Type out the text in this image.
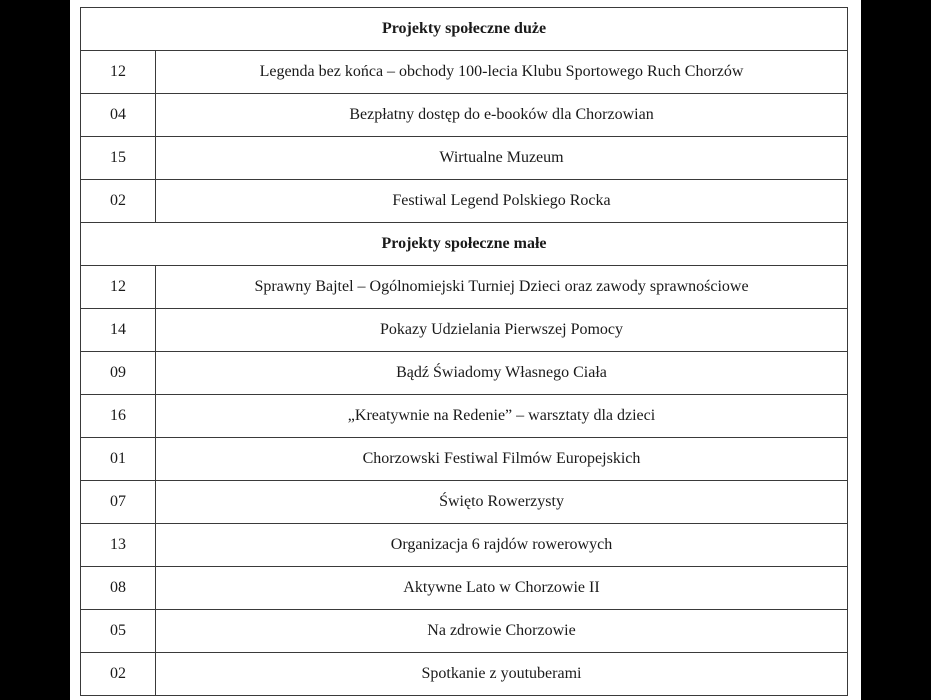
Projekty społeczne duże	
12	Legenda bez końca – obchody 100-lecia Klubu Sportowego Ruch Chorzów
04	Bezpłatny dostęp do e-booków dla Chorzowian
15	Wirtualne Muzeum
02	Festiwal Legend Polskiego Rocka
Projekty społeczne małe	
12	Sprawny Bajtel – Ogólnomiejski Turniej Dzieci oraz zawody sprawnościowe
14	Pokazy Udzielania Pierwszej Pomocy
09	Bądź Świadomy Własnego Ciała
16	„Kreatywnie na Redenie” – warsztaty dla dzieci
01	Chorzowski Festiwal Filmów Europejskich
07	Święto Rowerzysty
13	Organizacja 6 rajdów rowerowych
08	Aktywne Lato w Chorzowie II
05	Na zdrowie Chorzowie
02	Spotkanie z youtuberami
